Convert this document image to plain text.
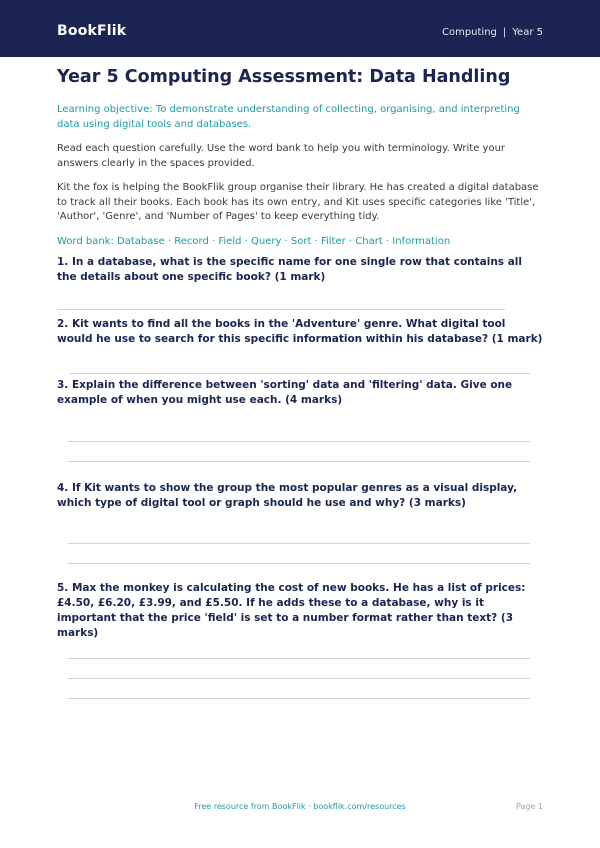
BookFlik	Computing | Year 5
Year 5 Computing Assessment: Data Handling
Learning objective: To demonstrate understanding of collecting, organising, and interpreting data using digital tools and databases.
Read each question carefully. Use the word bank to help you with terminology. Write your answers clearly in the spaces provided.
Kit the fox is helping the BookFlik group organise their library. He has created a digital database to track all their books. Each book has its own entry, and Kit uses specific categories like 'Title', 'Author', 'Genre', and 'Number of Pages' to keep everything tidy.
Word bank: Database · Record · Field · Query · Sort · Filter · Chart · Information
1. In a database, what is the specific name for one single row that contains all the details about one specific book? (1 mark)
2. Kit wants to find all the books in the 'Adventure' genre. What digital tool would he use to search for this specific information within his database? (1 mark)
3. Explain the difference between 'sorting' data and 'filtering' data. Give one example of when you might use each. (4 marks)
4. If Kit wants to show the group the most popular genres as a visual display, which type of digital tool or graph should he use and why? (3 marks)
5. Max the monkey is calculating the cost of new books. He has a list of prices: £4.50, £6.20, £3.99, and £5.50. If he adds these to a database, why is it important that the price 'field' is set to a number format rather than text? (3 marks)
Free resource from BookFlik · bookflik.com/resources	Page 1
